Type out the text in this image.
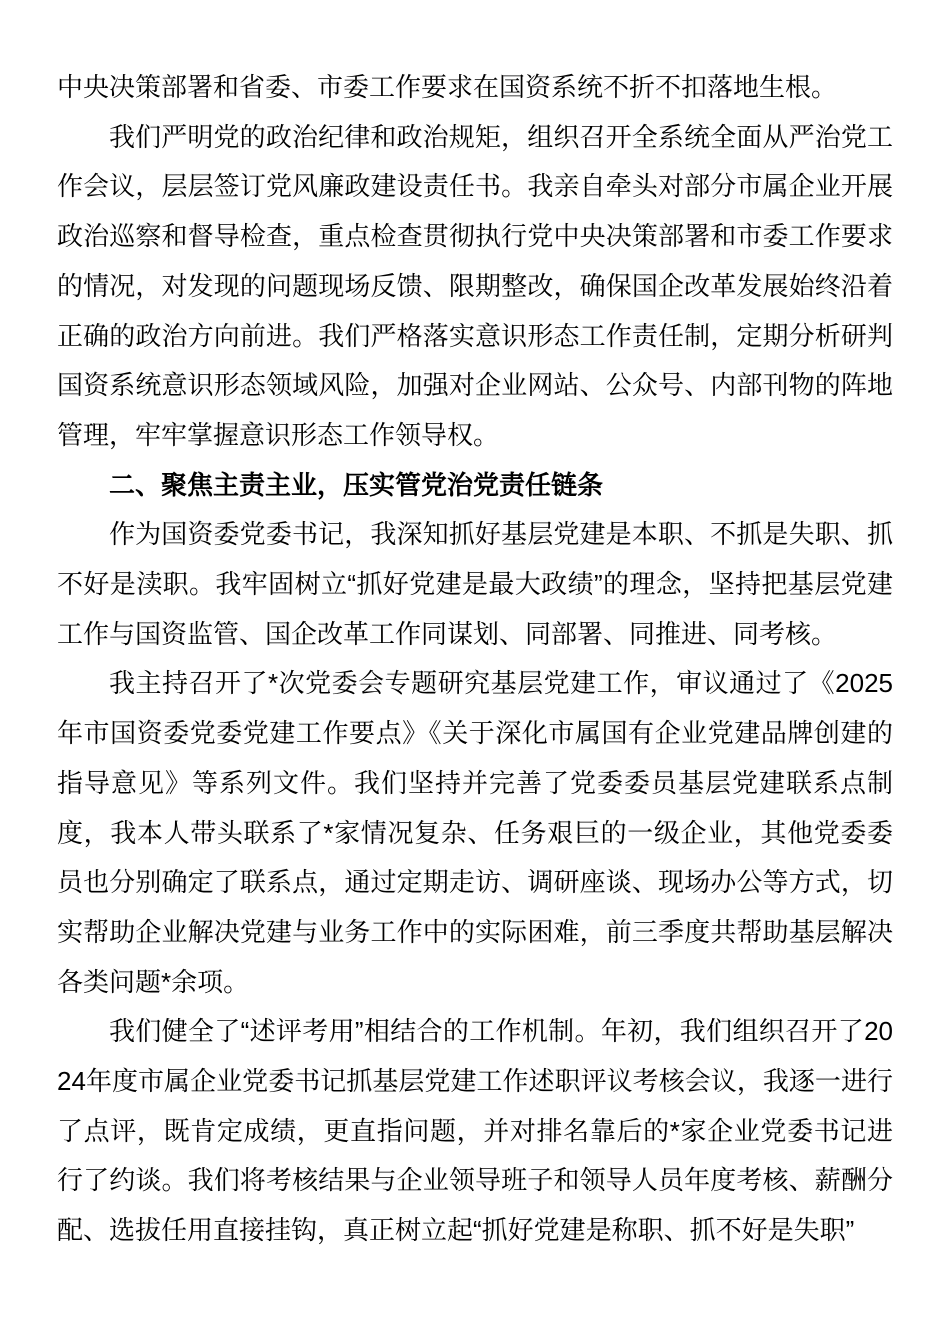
中央决策部署和省委、市委工作要求在国资系统不折不扣落地生根。

我们严明党的政治纪律和政治规矩，组织召开全系统全面从严治党工作会议，层层签订党风廉政建设责任书。我亲自牵头对部分市属企业开展政治巡察和督导检查，重点检查贯彻执行党中央决策部署和市委工作要求的情况，对发现的问题现场反馈、限期整改，确保国企改革发展始终沿着正确的政治方向前进。我们严格落实意识形态工作责任制，定期分析研判国资系统意识形态领域风险，加强对企业网站、公众号、内部刊物的阵地管理，牢牢掌握意识形态工作领导权。

二、聚焦主责主业，压实管党治党责任链条

作为国资委党委书记，我深知抓好基层党建是本职、不抓是失职、抓不好是渎职。我牢固树立“抓好党建是最大政绩”的理念，坚持把基层党建工作与国资监管、国企改革工作同谋划、同部署、同推进、同考核。

我主持召开了*次党委会专题研究基层党建工作，审议通过了《2025年市国资委党委党建工作要点》《关于深化市属国有企业党建品牌创建的指导意见》等系列文件。我们坚持并完善了党委委员基层党建联系点制度，我本人带头联系了*家情况复杂、任务艰巨的一级企业，其他党委委员也分别确定了联系点，通过定期走访、调研座谈、现场办公等方式，切实帮助企业解决党建与业务工作中的实际困难，前三季度共帮助基层解决各类问题*余项。

我们健全了“述评考用”相结合的工作机制。年初，我们组织召开了2024年度市属企业党委书记抓基层党建工作述职评议考核会议，我逐一进行了点评，既肯定成绩，更直指问题，并对排名靠后的*家企业党委书记进行了约谈。我们将考核结果与企业领导班子和领导人员年度考核、薪酬分配、选拔任用直接挂钩，真正树立起“抓好党建是称职、抓不好是失职”
